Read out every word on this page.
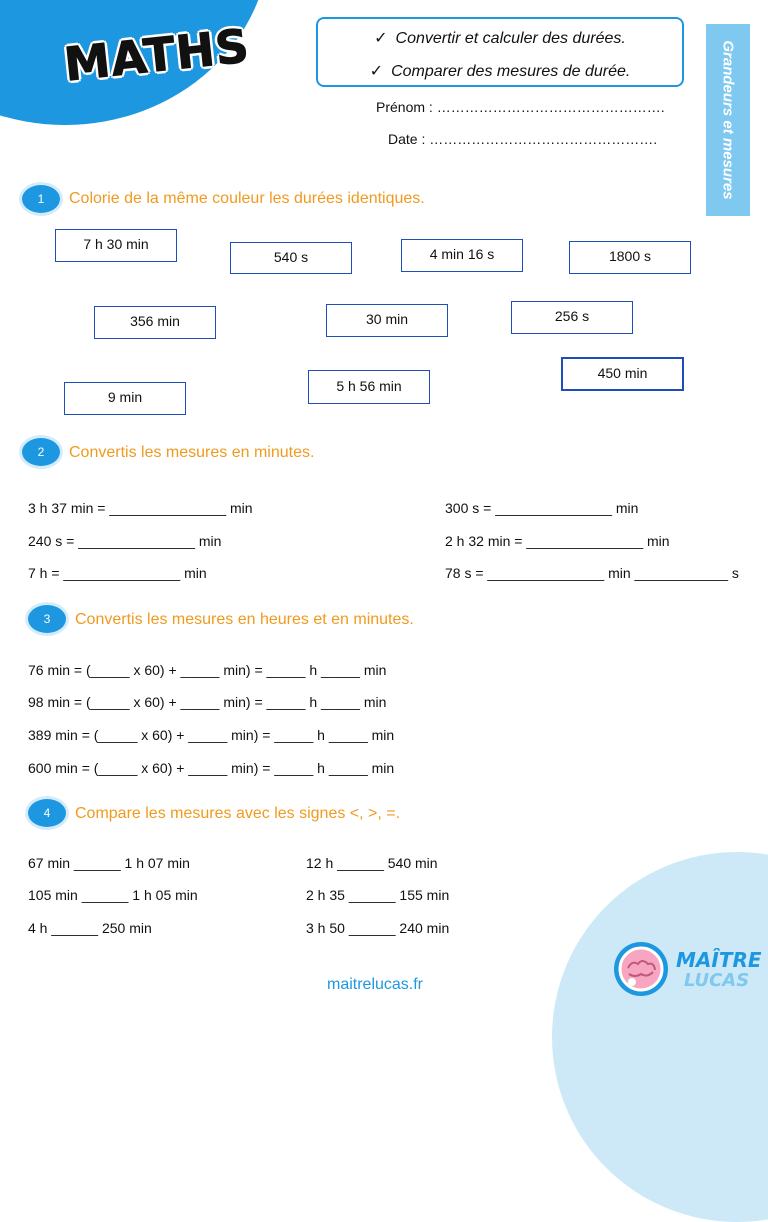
MATHS	✓ Convertir et calculer des durées.
✓ Comparer des mesures de durée.	Grandeurs et mesures
Prénom : ………………………………………….
Date : ………………………………………….
1	Colorie de la même couleur les durées identiques.
7 h 30 min
540 s	4 min 16 s	1800 s
356 min	30 min	256 s
450 min
5 h 56 min
9 min
2	Convertis les mesures en minutes.
3 h 37 min = _______________ min
240 s = _______________ min
7 h = _______________ min
300 s = _______________ min
2 h 32 min = _______________ min
78 s = _______________ min ____________ s
3	Convertis les mesures en heures et en minutes.
76 min = (_____ x 60) + _____ min) = _____ h _____ min
98 min = (_____ x 60) + _____ min) = _____ h _____ min
389 min = (_____ x 60) + _____ min) = _____ h _____ min
600 min = (_____ x 60) + _____ min) = _____ h _____ min
4	Compare les mesures avec les signes <, >, =.
67 min ______ 1 h 07 min
105 min ______ 1 h 05 min
4 h ______ 250 min
12 h ______ 540 min
2 h 35 ______ 155 min
3 h 50 ______ 240 min
maitrelucas.fr
MAÎTRE
LUCAS
